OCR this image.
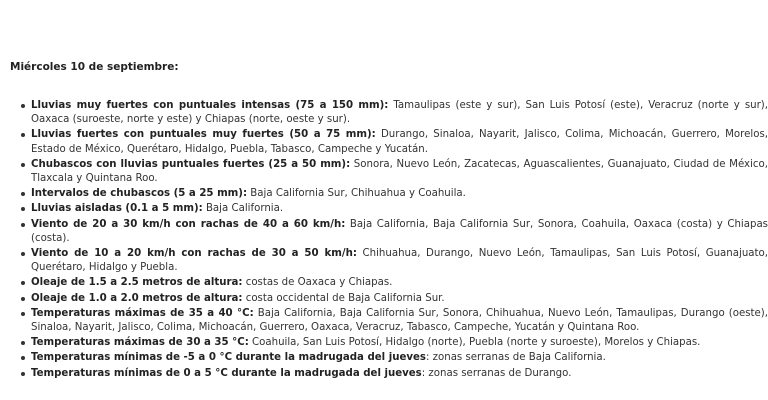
Miércoles 10 de septiembre:

Lluvias muy fuertes con puntuales intensas (75 a 150 mm): Tamaulipas (este y sur), San Luis Potosí (este), Veracruz (norte y sur), Oaxaca (suroeste, norte y este) y Chiapas (norte, oeste y sur).
Lluvias fuertes con puntuales muy fuertes (50 a 75 mm): Durango, Sinaloa, Nayarit, Jalisco, Colima, Michoacán, Guerrero, Morelos, Estado de México, Querétaro, Hidalgo, Puebla, Tabasco, Campeche y Yucatán.
Chubascos con lluvias puntuales fuertes (25 a 50 mm): Sonora, Nuevo León, Zacatecas, Aguascalientes, Guanajuato, Ciudad de México, Tlaxcala y Quintana Roo.
Intervalos de chubascos (5 a 25 mm): Baja California Sur, Chihuahua y Coahuila.
Lluvias aisladas (0.1 a 5 mm): Baja California.
Viento de 20 a 30 km/h con rachas de 40 a 60 km/h: Baja California, Baja California Sur, Sonora, Coahuila, Oaxaca (costa) y Chiapas (costa).
Viento de 10 a 20 km/h con rachas de 30 a 50 km/h: Chihuahua, Durango, Nuevo León, Tamaulipas, San Luis Potosí, Guanajuato, Querétaro, Hidalgo y Puebla.
Oleaje de 1.5 a 2.5 metros de altura: costas de Oaxaca y Chiapas.
Oleaje de 1.0 a 2.0 metros de altura: costa occidental de Baja California Sur.
Temperaturas máximas de 35 a 40 °C: Baja California, Baja California Sur, Sonora, Chihuahua, Nuevo León, Tamaulipas, Durango (oeste), Sinaloa, Nayarit, Jalisco, Colima, Michoacán, Guerrero, Oaxaca, Veracruz, Tabasco, Campeche, Yucatán y Quintana Roo.
Temperaturas máximas de 30 a 35 °C: Coahuila, San Luis Potosí, Hidalgo (norte), Puebla (norte y suroeste), Morelos y Chiapas.
Temperaturas mínimas de -5 a 0 °C durante la madrugada del jueves: zonas serranas de Baja California.
Temperaturas mínimas de 0 a 5 °C durante la madrugada del jueves: zonas serranas de Durango.
